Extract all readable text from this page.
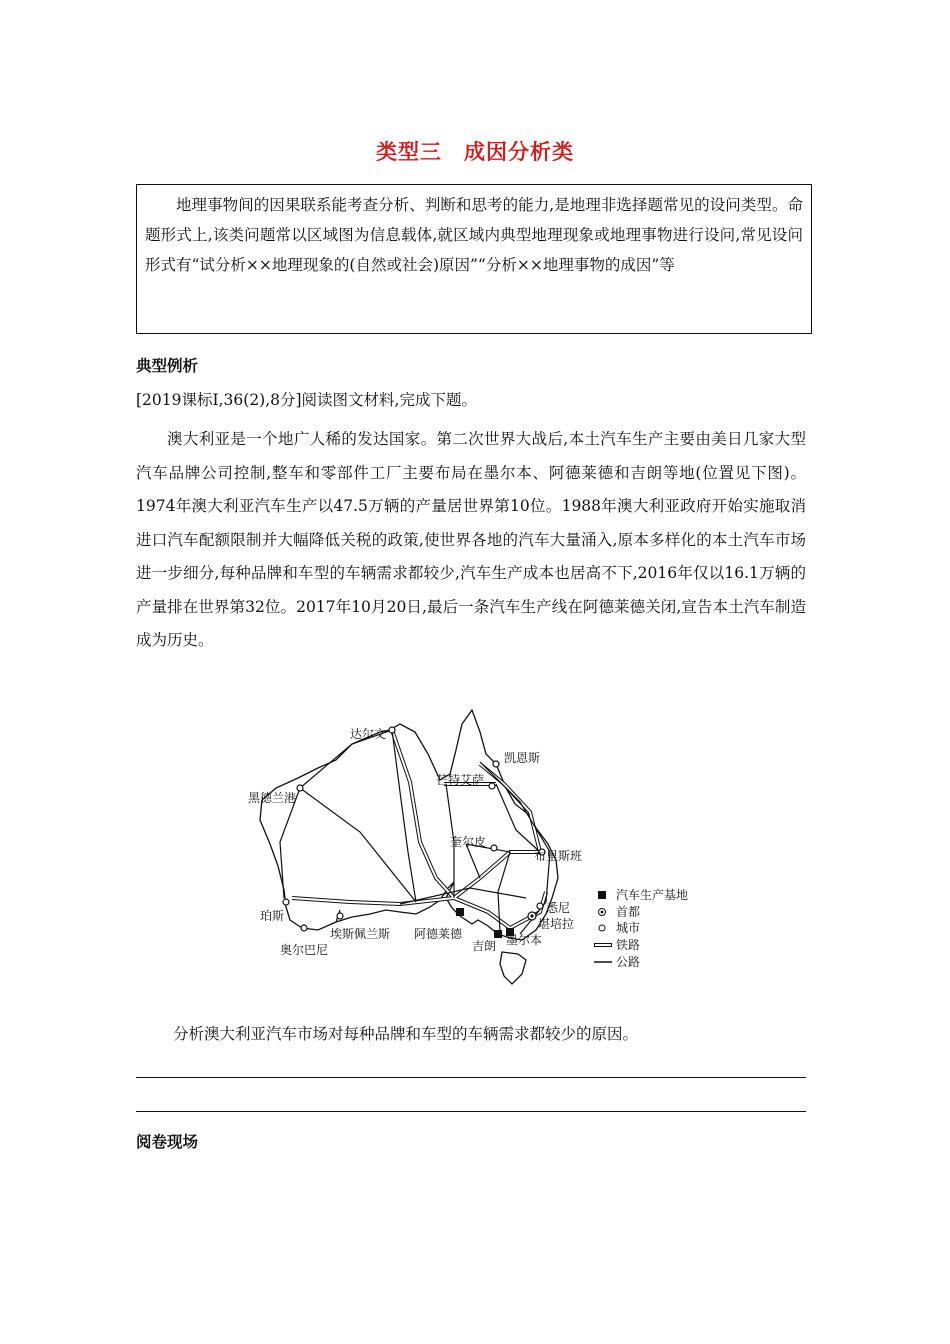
类型三　成因分析类

地理事物间的因果联系能考查分析、判断和思考的能力,是地理非选择题常见的设问类型。命题形式上,该类问题常以区域图为信息载体,就区域内典型地理现象或地理事物进行设问,常见设问形式有“试分析××地理现象的(自然或社会)原因”“分析××地理事物的成因”等

典型例析
[2019课标Ⅰ,36(2),8分]阅读图文材料,完成下题。

澳大利亚是一个地广人稀的发达国家。第二次世界大战后,本土汽车生产主要由美日几家大型汽车品牌公司控制,整车和零部件工厂主要布局在墨尔本、阿德莱德和吉朗等地(位置见下图)。1974年澳大利亚汽车生产以47.5万辆的产量居世界第10位。1988年澳大利亚政府开始实施取消进口汽车配额限制并大幅降低关税的政策,使世界各地的汽车大量涌入,原本多样化的本土汽车市场进一步细分,每种品牌和车型的车辆需求都较少,汽车生产成本也居高不下,2016年仅以16.1万辆的产量排在世界第32位。2017年10月20日,最后一条汽车生产线在阿德莱德关闭,宣告本土汽车制造成为历史。

达尔文
凯恩斯
黑德兰港
芒特艾萨
奎尔皮
布里斯班
珀斯
埃斯佩兰斯
奥尔巴尼
阿德莱德
吉朗 墨尔本
悉尼
堪培拉
汽车生产基地
首都
城市
铁路
公路
分析澳大利亚汽车市场对每种品牌和车型的车辆需求都较少的原因。
阅卷现场
